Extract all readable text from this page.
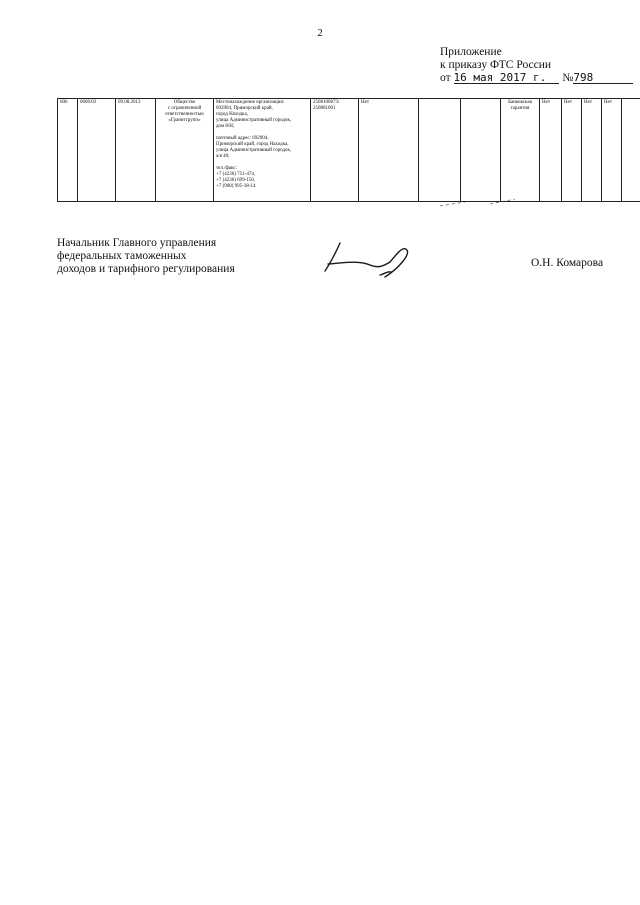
2
Приложение
к приказу ФТС России
от 16 мая 2017 г. №798
606	0606/03	09.08.2013	Общество
с ограниченной
ответственностью
«Гранитгрупп»

Местонахождение организации:
692904, Приморский край,
город Находка,
улица Административный городок,
дом 8/Н;
почтовый адрес: 692904,
Приморский край, город Находка,
улица Административный городок,
а/я 40;
тел./факс:
+7 (4236) 751-474,
+7 (4236) 699-150,
+7 (908) 995-38-14
	2508100873/ 250801001	Нет			Банковская гарантия	Нет	Нет	Нет	Нет	
Начальник Главного управления
федеральных таможенных
доходов и тарифного регулирования	О.Н. Комарова
